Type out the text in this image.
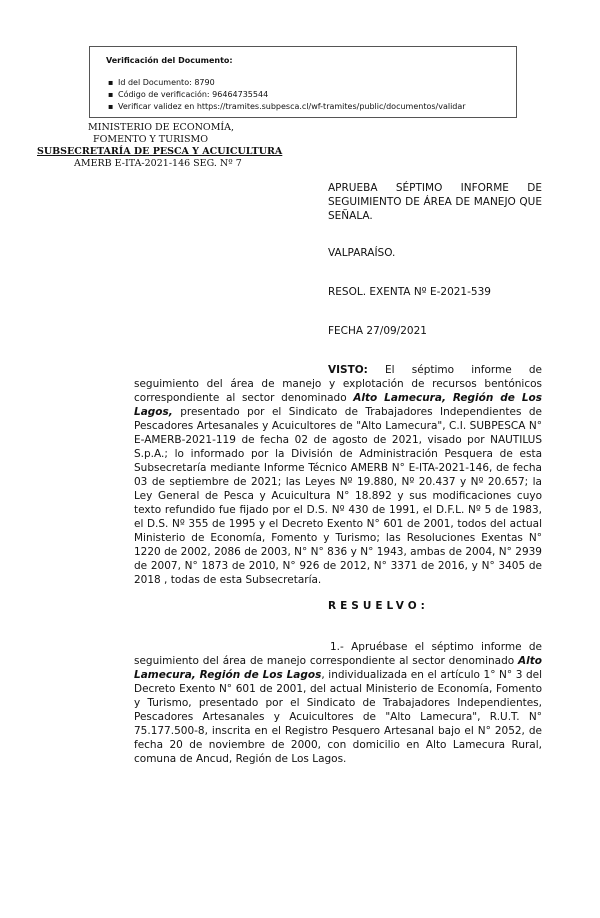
Verificación del Documento:
▪ Id del Documento: 8790
▪ Código de verificación: 96464735544
▪ Verificar validez en https://tramites.subpesca.cl/wf-tramites/public/documentos/validar
MINISTERIO DE ECONOMÍA,
FOMENTO Y TURISMO
SUBSECRETARÍA DE PESCA Y ACUICULTURA
AMERB E-ITA-2021-146 SEG. Nº 7
APRUEBA SÉPTIMO INFORME DE SEGUIMIENTO DE ÁREA DE MANEJO QUE SEÑALA.
VALPARAÍSO.
RESOL. EXENTA Nº E-2021-539
FECHA 27/09/2021
VISTO: El séptimo informe de seguimiento del área de manejo y explotación de recursos bentónicos correspondiente al sector denominado Alto Lamecura, Región de Los Lagos, presentado por el Sindicato de Trabajadores Independientes de Pescadores Artesanales y Acuicultores de "Alto Lamecura", C.I. SUBPESCA N° E-AMERB-2021-119 de fecha 02 de agosto de 2021, visado por NAUTILUS S.p.A.; lo informado por la División de Administración Pesquera de esta Subsecretaría mediante Informe Técnico AMERB N° E-ITA-2021-146, de fecha 03 de septiembre de 2021; las Leyes Nº 19.880, Nº 20.437 y Nº 20.657; la Ley General de Pesca y Acuicultura N° 18.892 y sus modificaciones cuyo texto refundido fue fijado por el D.S. Nº 430 de 1991, el D.F.L. Nº 5 de 1983, el D.S. Nº 355 de 1995 y el Decreto Exento N° 601 de 2001, todos del actual Ministerio de Economía, Fomento y Turismo; las Resoluciones Exentas N° 1220 de 2002, 2086 de 2003, N° N° 836 y N° 1943, ambas de 2004, N° 2939 de 2007, N° 1873 de 2010, N° 926 de 2012, N° 3371 de 2016, y N° 3405 de 2018 , todas de esta Subsecretaría.
RESUELVO:
1.- Apruébase el séptimo informe de seguimiento del área de manejo correspondiente al sector denominado Alto Lamecura, Región de Los Lagos, individualizada en el artículo 1° N° 3 del Decreto Exento N° 601 de 2001, del actual Ministerio de Economía, Fomento y Turismo, presentado por el Sindicato de Trabajadores Independientes, Pescadores Artesanales y Acuicultores de "Alto Lamecura", R.U.T. N° 75.177.500-8, inscrita en el Registro Pesquero Artesanal bajo el N° 2052, de fecha 20 de noviembre de 2000, con domicilio en Alto Lamecura Rural, comuna de Ancud, Región de Los Lagos.
